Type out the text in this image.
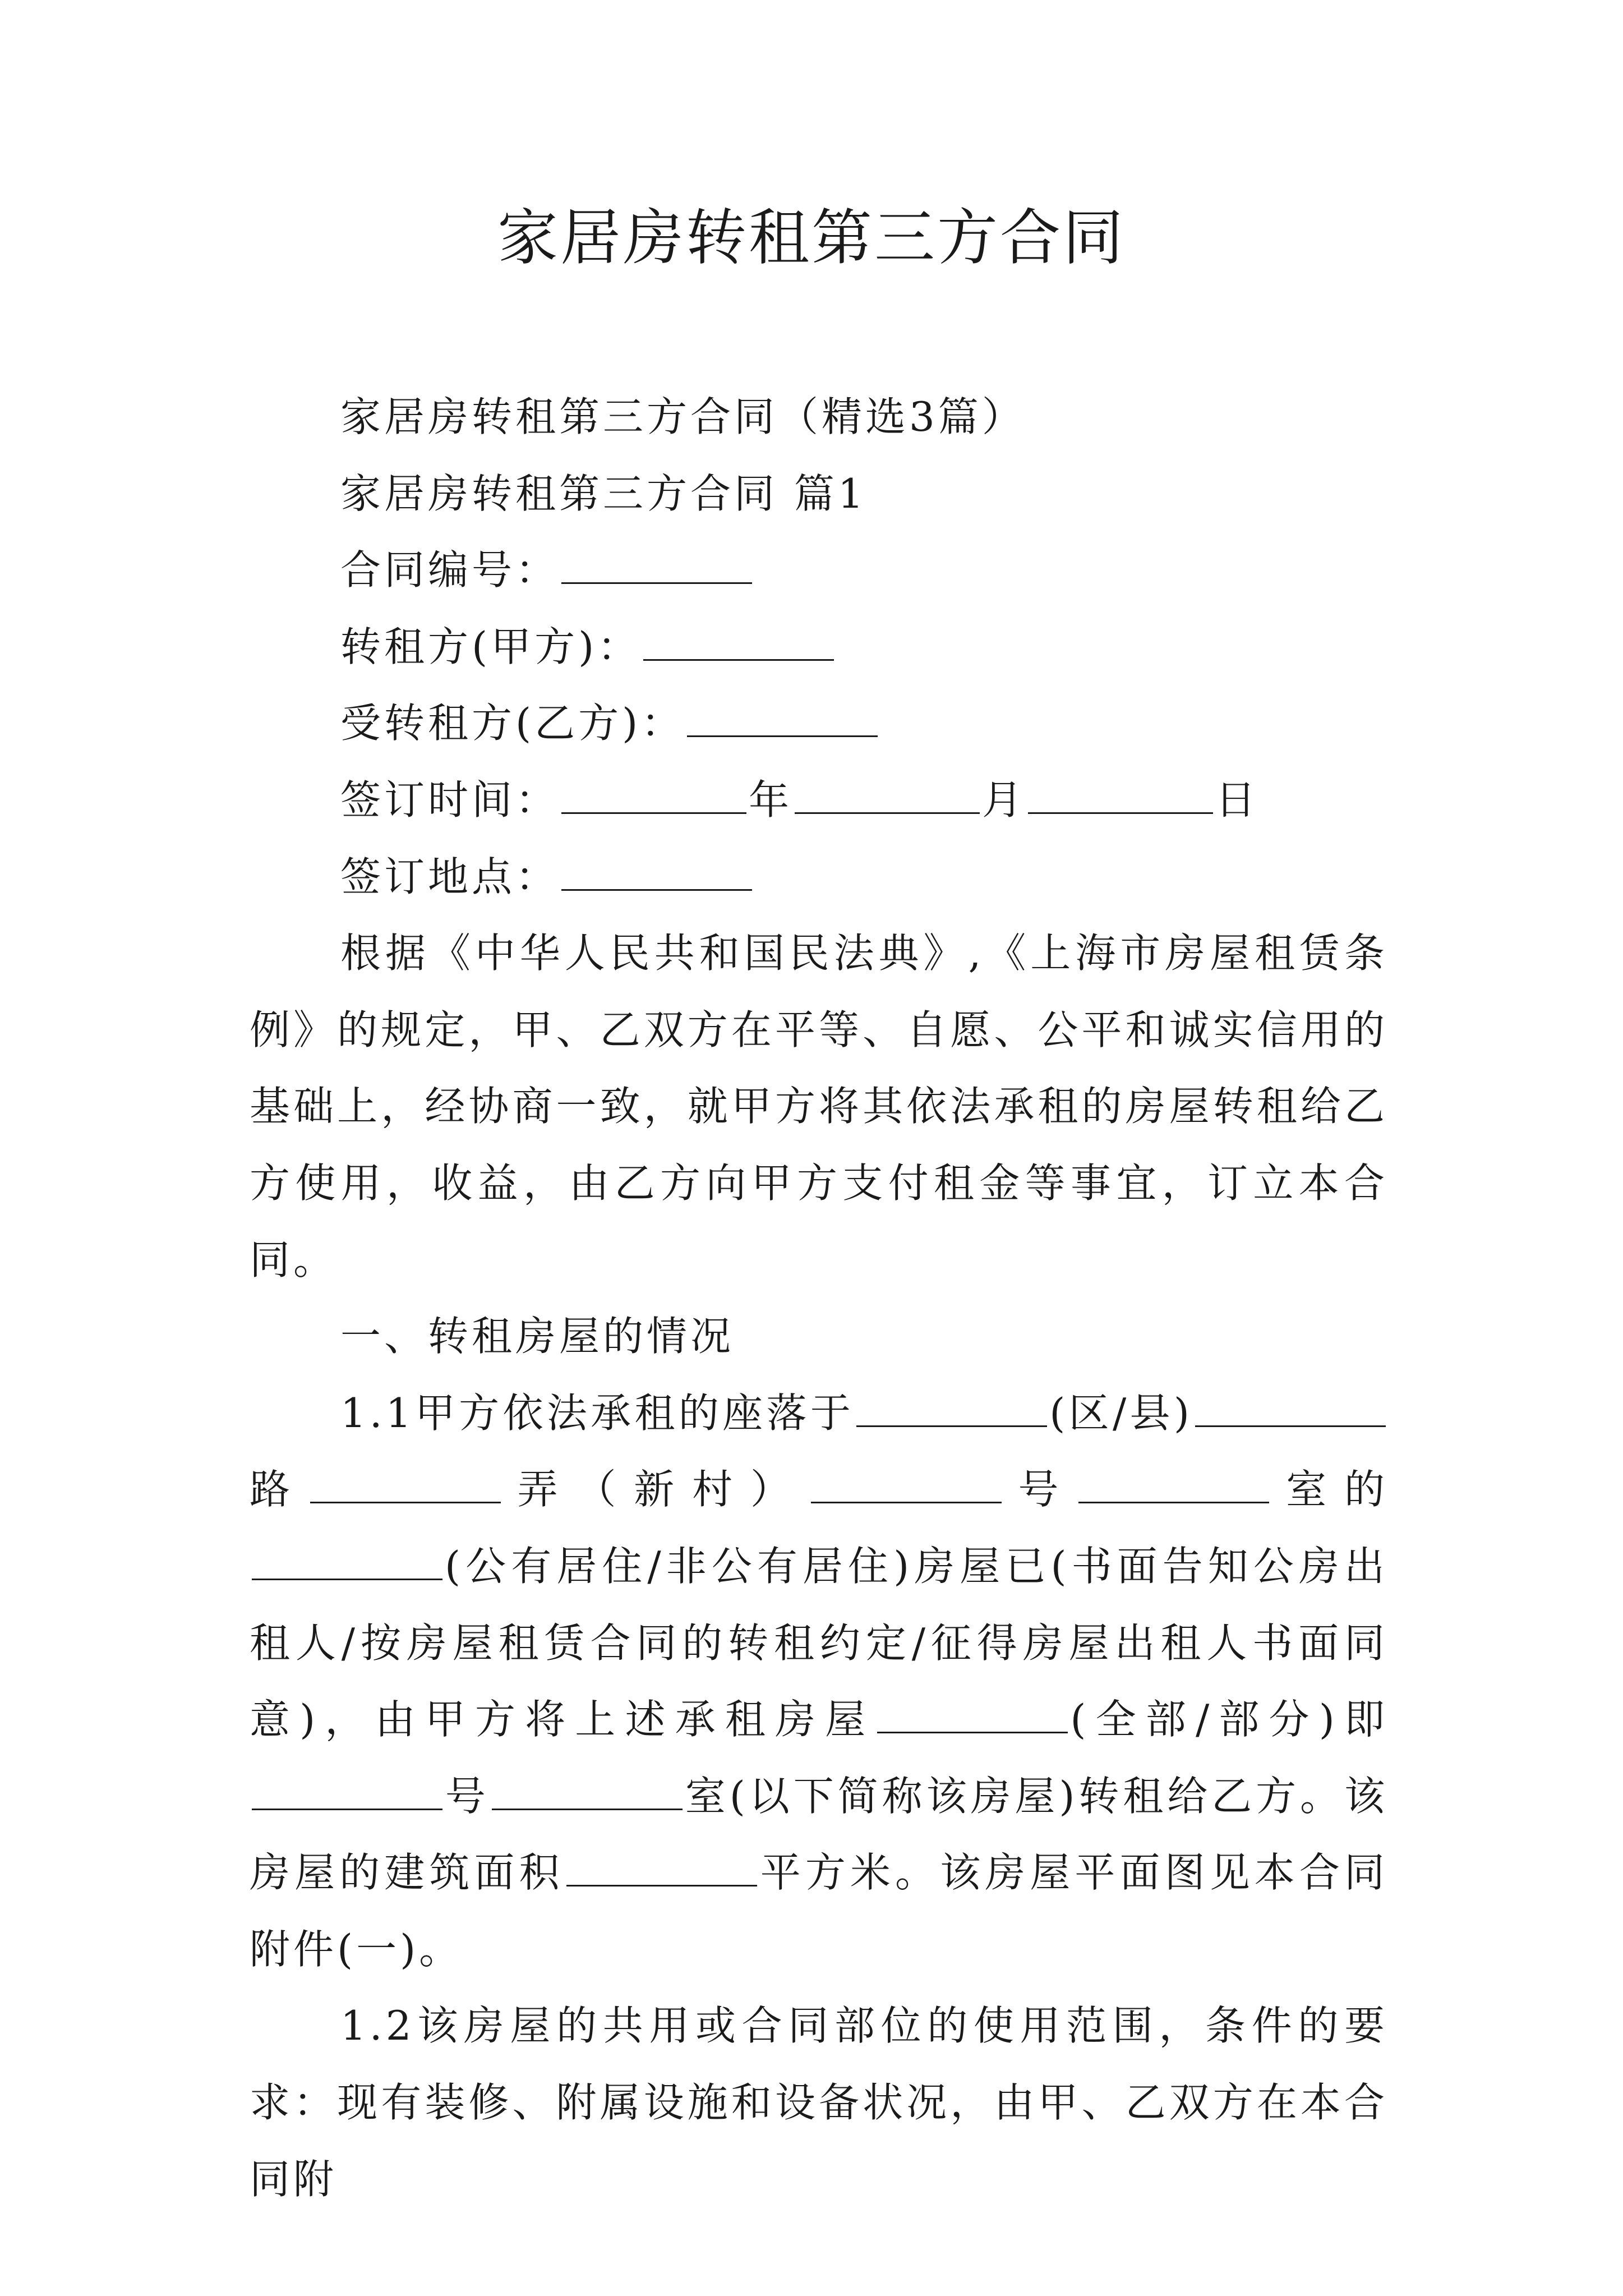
家居房转租第三方合同

家居房转租第三方合同（精选3篇）

家居房转租第三方合同 篇1

合同编号：

转租方(甲方)：

受转租方(乙方)：

签订时间：	年	月	日

签订地点：

根据《中华人民共和国民法典》,《上海市房屋租赁条例》的规定，甲、乙双方在平等、自愿、公平和诚实信用的基础上，经协商一致，就甲方将其依法承租的房屋转租给乙方使用，收益，由乙方向甲方支付租金等事宜，订立本合同。

一、转租房屋的情况

1.1甲方依法承租的座落于	(区/县)路	弄（新村）	号	室的(公有居住/非公有居住)房屋已(书面告知公房出租人/按房屋租赁合同的转租约定/征得房屋出租人书面同意)，由甲方将上述承租房屋	(全部/部分)即号	室(以下简称该房屋)转租给乙方。该房屋的建筑面积	平方米。该房屋平面图见本合同附件(一)。

1.2该房屋的共用或合同部位的使用范围，条件的要求：现有装修、附属设施和设备状况，由甲、乙双方在本合同附
